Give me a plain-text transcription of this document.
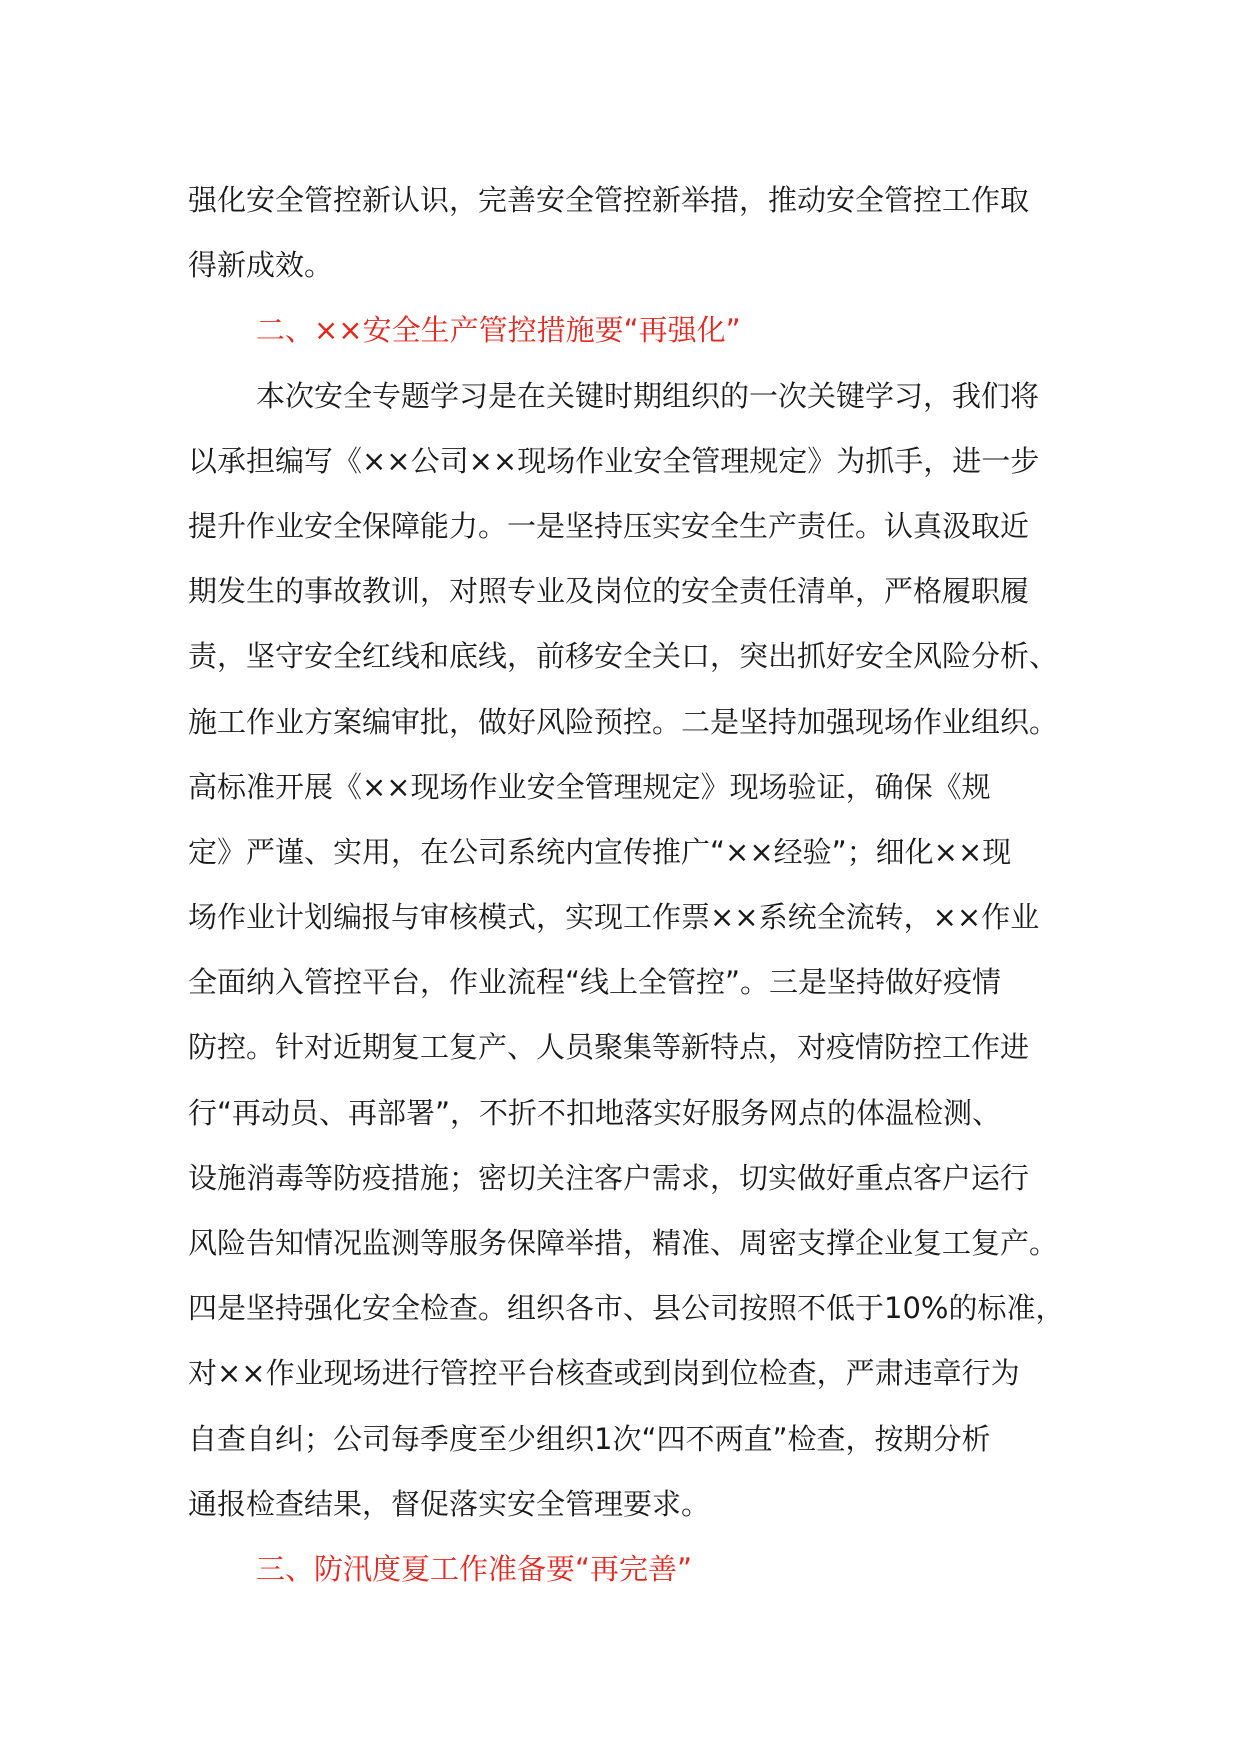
强化安全管控新认识，完善安全管控新举措，推动安全管控工作取
得新成效。
二、××安全生产管控措施要“再强化”
本次安全专题学习是在关键时期组织的一次关键学习，我们将
以承担编写《××公司××现场作业安全管理规定》为抓手，进一步
提升作业安全保障能力。一是坚持压实安全生产责任。认真汲取近
期发生的事故教训，对照专业及岗位的安全责任清单，严格履职履
责，坚守安全红线和底线，前移安全关口，突出抓好安全风险分析、
施工作业方案编审批，做好风险预控。二是坚持加强现场作业组织。
高标准开展《××现场作业安全管理规定》现场验证，确保《规
定》严谨、实用，在公司系统内宣传推广“××经验”；细化××现
场作业计划编报与审核模式，实现工作票××系统全流转，××作业
全面纳入管控平台，作业流程“线上全管控”。三是坚持做好疫情
防控。针对近期复工复产、人员聚集等新特点，对疫情防控工作进
行“再动员、再部署”，不折不扣地落实好服务网点的体温检测、
设施消毒等防疫措施；密切关注客户需求，切实做好重点客户运行
风险告知情况监测等服务保障举措，精准、周密支撑企业复工复产。
四是坚持强化安全检查。组织各市、县公司按照不低于10%的标准，
对××作业现场进行管控平台核查或到岗到位检查，严肃违章行为
自查自纠；公司每季度至少组织1次“四不两直”检查，按期分析
通报检查结果，督促落实安全管理要求。
三、防汛度夏工作准备要“再完善”
